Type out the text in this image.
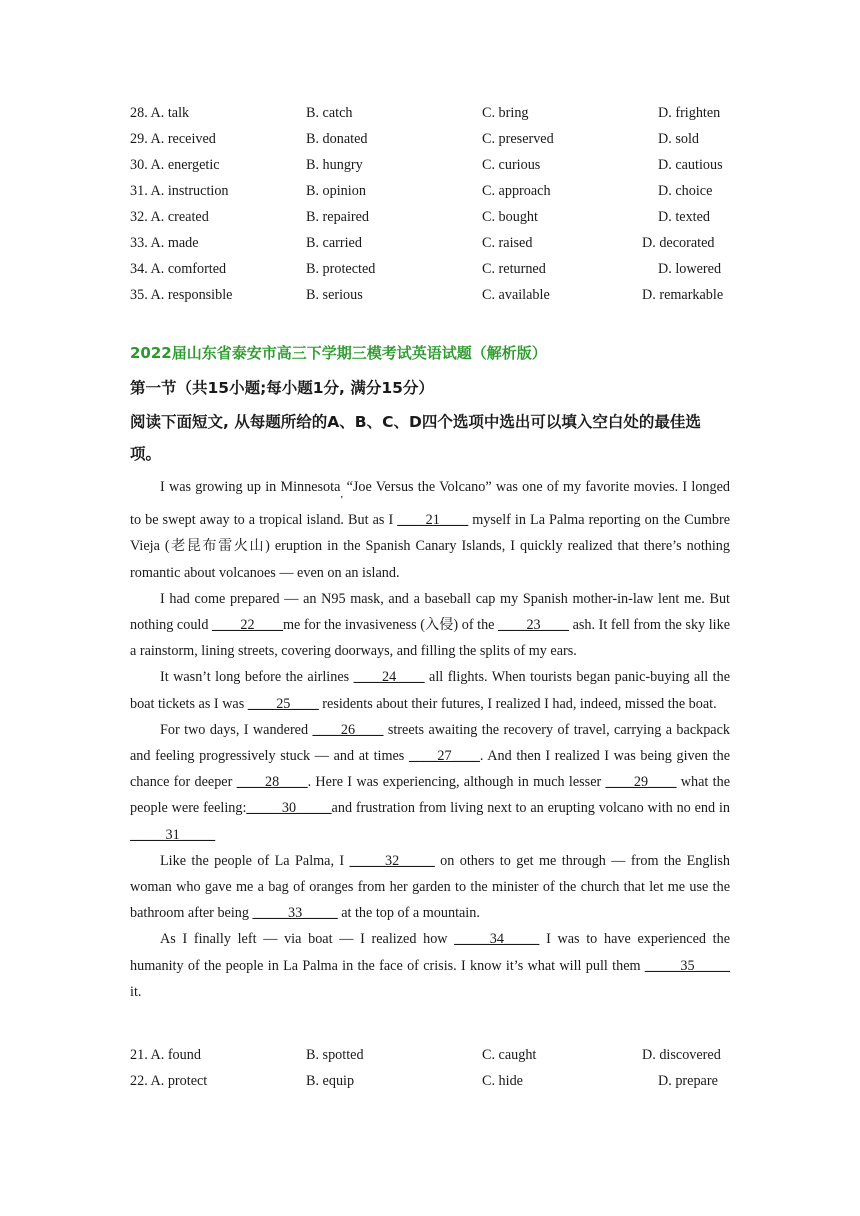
28. A. talk	B. catch	C. bring	D. frighten
29. A. received	B. donated	C. preserved	D. sold
30. A. energetic	B. hungry	C. curious	D. cautious
31. A. instruction	B. opinion	C. approach	D. choice
32. A. created	B. repaired	C. bought	D. texted
33. A. made	B. carried	C. raised	D. decorated
34. A. comforted	B. protected	C. returned	D. lowered
35. A. responsible	B. serious	C. available	D. remarkable
2022届山东省泰安市高三下学期三模考试英语试题（解析版）
第一节（共15小题;每小题1分, 满分15分）
阅读下面短文, 从每题所给的A、B、C、D四个选项中选出可以填入空白处的最佳选项。

I was growing up in Minnesota$_,$ “Joe Versus the Volcano” was one of my favorite movies. I longed to be swept away to a tropical island. But as I ____21____ myself in La Palma reporting on the Cumbre Vieja (老昆布雷火山) eruption in the Spanish Canary Islands, I quickly realized that there’s nothing romantic about volcanoes — even on an island.

I had come prepared — an N95 mask, and a baseball cap my Spanish mother-in-law lent me. But nothing could ____22____me for the invasiveness (入侵) of the ____23____ ash. It fell from the sky like a rainstorm, lining streets, covering doorways, and filling the splits of my ears.

It wasn’t long before the airlines ____24____ all flights. When tourists began panic-buying all the boat tickets as I was ____25____ residents about their futures, I realized I had, indeed, missed the boat.

For two days, I wandered ____26____ streets awaiting the recovery of travel, carrying a backpack and feeling progressively stuck — and at times ____27____. And then I realized I was being given the chance for deeper ____28____. Here I was experiencing, although in much lesser ____29____ what the people were feeling:_____30_____and frustration from living next to an erupting volcano with no end in _____31_____

Like the people of La Palma, I _____32_____ on others to get me through — from the English woman who gave me a bag of oranges from her garden to the minister of the church that let me use the bathroom after being _____33_____ at the top of a mountain.

As I finally left — via boat — I realized how _____34_____ I was to have experienced the humanity of the people in La Palma in the face of crisis. I know it’s what will pull them _____35_____ it.

21. A. found	B. spotted	C. caught	D. discovered
22. A. protect	B. equip	C. hide	D. prepare
